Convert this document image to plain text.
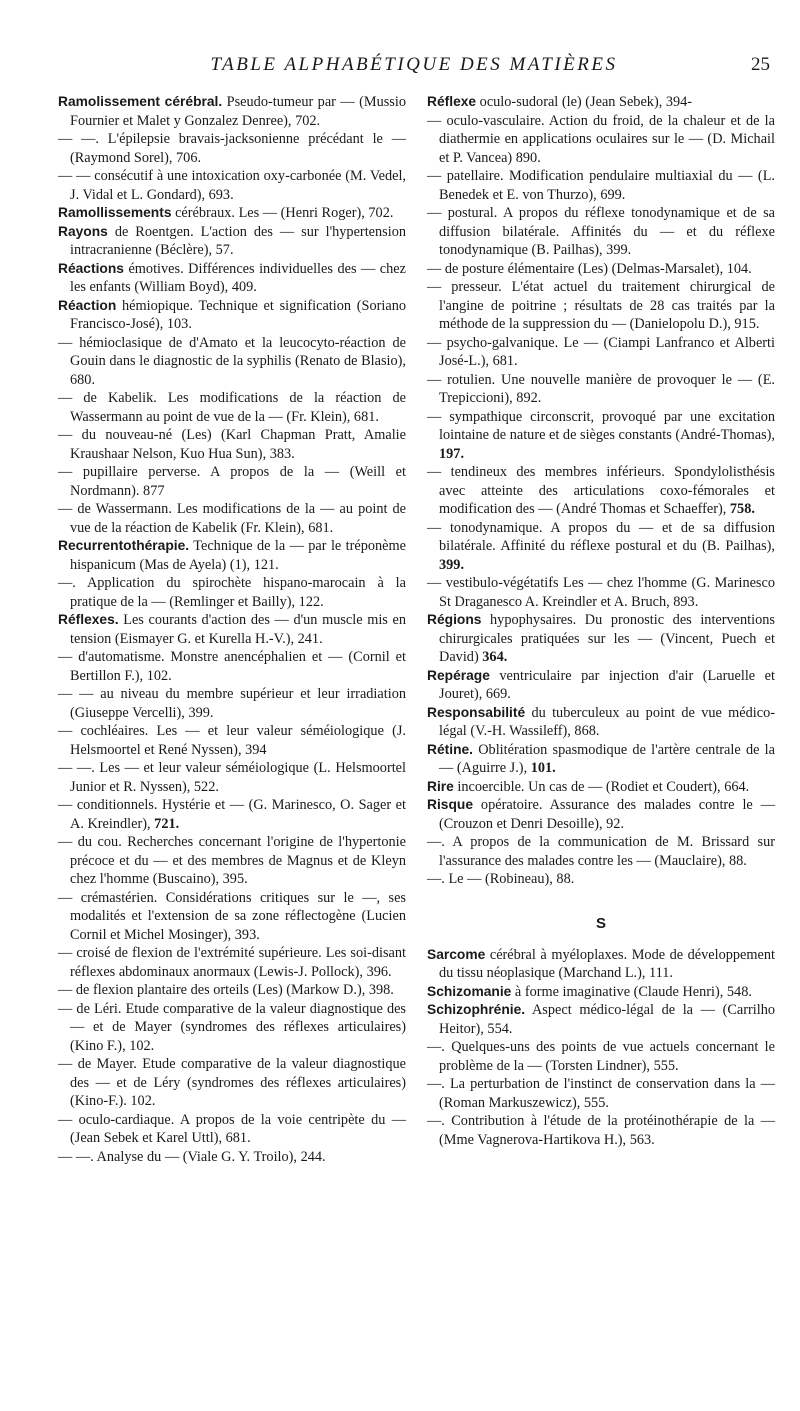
TABLE ALPHABÉTIQUE DES MATIÈRES	25

Ramolissement cérébral. Pseudo-tumeur par — (Mussio Fournier et Malet y Gonzalez Denree), 702.

— —. L'épilepsie bravais-jacksonienne précédant le — (Raymond Sorel), 706.

— — consécutif à une intoxication oxy-carbonée (M. Vedel, J. Vidal et L. Gondard), 693.

Ramollissements cérébraux. Les — (Henri Roger), 702.

Rayons de Roentgen. L'action des — sur l'hypertension intracranienne (Béclère), 57.

Réactions émotives. Différences individuelles des — chez les enfants (William Boyd), 409.

Réaction hémiopique. Technique et signification (Soriano Francisco-José), 103.

— hémioclasique de d'Amato et la leucocyto-réaction de Gouin dans le diagnostic de la syphilis (Renato de Blasio), 680.

— de Kabelik. Les modifications de la réaction de Wassermann au point de vue de la — (Fr. Klein), 681.

— du nouveau-né (Les) (Karl Chapman Pratt, Amalie Kraushaar Nelson, Kuo Hua Sun), 383.

— pupillaire perverse. A propos de la — (Weill et Nordmann). 877

— de Wassermann. Les modifications de la — au point de vue de la réaction de Kabelik (Fr. Klein), 681.

Recurrentothérapie. Technique de la — par le tréponème hispanicum (Mas de Ayela) (1), 121.

—. Application du spirochète hispano-marocain à la pratique de la — (Remlinger et Bailly), 122.

Réflexes. Les courants d'action des — d'un muscle mis en tension (Eismayer G. et Kurella H.-V.), 241.

— d'automatisme. Monstre anencéphalien et — (Cornil et Bertillon F.), 102.

— — au niveau du membre supérieur et leur irradiation (Giuseppe Vercelli), 399.

— cochléaires. Les — et leur valeur séméiologique (J. Helsmoortel et René Nyssen), 394

— —. Les — et leur valeur séméiologique (L. Helsmoortel Junior et R. Nyssen), 522.

— conditionnels. Hystérie et — (G. Marinesco, O. Sager et A. Kreindler), 721.

— du cou. Recherches concernant l'origine de l'hypertonie précoce et du — et des membres de Magnus et de Kleyn chez l'homme (Buscaino), 395.

— crémastérien. Considérations critiques sur le —, ses modalités et l'extension de sa zone réflectogène (Lucien Cornil et Michel Mosinger), 393.

— croisé de flexion de l'extrémité supérieure. Les soi-disant réflexes abdominaux anormaux (Lewis-J. Pollock), 396.

— de flexion plantaire des orteils (Les) (Markow D.), 398.

— de Léri. Etude comparative de la valeur diagnostique des — et de Mayer (syndromes des réflexes articulaires) (Kino F.), 102.

— de Mayer. Etude comparative de la valeur diagnostique des — et de Léry (syndromes des réflexes articulaires) (Kino-F.). 102.

— oculo-cardiaque. A propos de la voie centripète du — (Jean Sebek et Karel Uttl), 681.

— —. Analyse du — (Viale G. Y. Troilo), 244.

Réflexe oculo-sudoral (le) (Jean Sebek), 394-

— oculo-vasculaire. Action du froid, de la chaleur et de la diathermie en applications oculaires sur le — (D. Michail et P. Vancea) 890.

— patellaire. Modification pendulaire multiaxial du — (L. Benedek et E. von Thurzo), 699.

— postural. A propos du réflexe tonodynamique et de sa diffusion bilatérale. Affinités du — et du réflexe tonodynamique (B. Pailhas), 399.

— de posture élémentaire (Les) (Delmas-Marsalet), 104.

— presseur. L'état actuel du traitement chirurgical de l'angine de poitrine ; résultats de 28 cas traités par la méthode de la suppression du — (Danielopolu D.), 915.

— psycho-galvanique. Le — (Ciampi Lanfranco et Alberti José-L.), 681.

— rotulien. Une nouvelle manière de provoquer le — (E. Trepiccioni), 892.

— sympathique circonscrit, provoqué par une excitation lointaine de nature et de sièges constants (André-Thomas), 197.

— tendineux des membres inférieurs. Spondylolisthésis avec atteinte des articulations coxo-fémorales et modification des — (André Thomas et Schaeffer), 758.

— tonodynamique. A propos du — et de sa diffusion bilatérale. Affinité du réflexe postural et du (B. Pailhas), 399.

— vestibulo-végétatifs Les — chez l'homme (G. Marinesco St Draganesco A. Kreindler et A. Bruch, 893.

Régions hypophysaires. Du pronostic des interventions chirurgicales pratiquées sur les — (Vincent, Puech et David) 364.

Repérage ventriculaire par injection d'air (Laruelle et Jouret), 669.

Responsabilité du tuberculeux au point de vue médico-légal (V.-H. Wassileff), 868.

Rétine. Oblitération spasmodique de l'artère centrale de la — (Aguirre J.), 101.

Rire incoercible. Un cas de — (Rodiet et Coudert), 664.

Risque opératoire. Assurance des malades contre le — (Crouzon et Denri Desoille), 92.

—. A propos de la communication de M. Brissard sur l'assurance des malades contre les — (Mauclaire), 88.

—. Le — (Robineau), 88.

S

Sarcome cérébral à myéloplaxes. Mode de développement du tissu néoplasique (Marchand L.), 111.

Schizomanie à forme imaginative (Claude Henri), 548.

Schizophrénie. Aspect médico-légal de la — (Carrilho Heitor), 554.

—. Quelques-uns des points de vue actuels concernant le problème de la — (Torsten Lindner), 555.

—. La perturbation de l'instinct de conservation dans la — (Roman Markuszewicz), 555.

—. Contribution à l'étude de la protéinothérapie de la — (Mme Vagnerova-Hartikova H.), 563.
